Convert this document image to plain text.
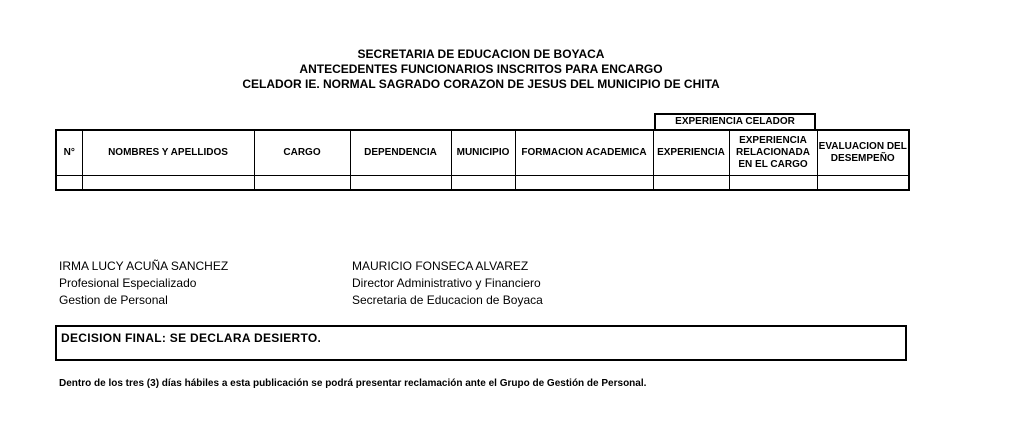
SECRETARIA DE EDUCACION DE BOYACA
ANTECEDENTES FUNCIONARIOS INSCRITOS PARA ENCARGO
CELADOR IE. NORMAL SAGRADO CORAZON DE JESUS DEL MUNICIPIO DE CHITA
EXPERIENCIA CELADOR
N°	NOMBRES Y APELLIDOS	CARGO	DEPENDENCIA	MUNICIPIO	FORMACION ACADEMICA	EXPERIENCIA	EXPERIENCIA RELACIONADA EN EL CARGO	EVALUACION DEL DESEMPEÑO

IRMA LUCY ACUÑA SANCHEZ
Profesional Especializado
Gestion de Personal
MAURICIO FONSECA ALVAREZ
Director Administrativo y Financiero
Secretaria de Educacion de Boyaca
DECISION FINAL: SE DECLARA DESIERTO.
Dentro de los tres (3) días hábiles a esta publicación se podrá presentar reclamación ante el Grupo de Gestión de Personal.
